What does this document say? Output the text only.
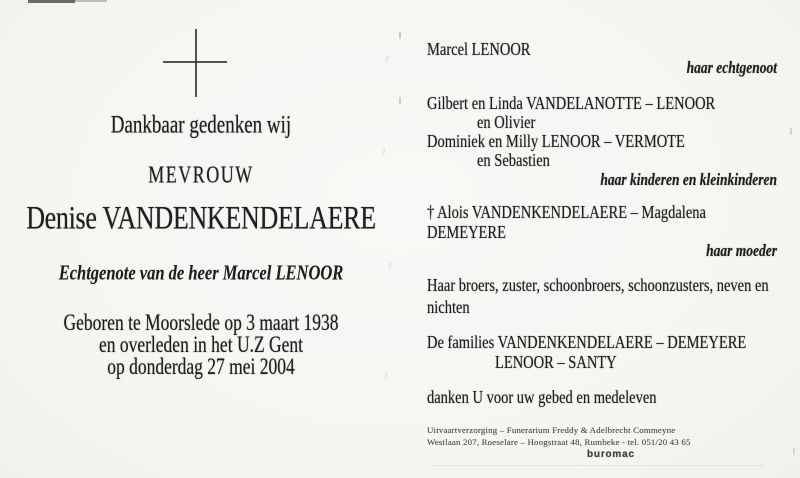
Dankbaar gedenken wij
MEVROUW
Denise VANDENKENDELAERE
Echtgenote van de heer Marcel LENOOR
Geboren te Moorslede op 3 maart 1938
en overleden in het U.Z Gent
op donderdag 27 mei 2004
Marcel LENOOR
haar echtgenoot
Gilbert en Linda VANDELANOTTE – LENOOR
en Olivier
Dominiek en Milly LENOOR – VERMOTE
en Sebastien
haar kinderen en kleinkinderen
† Alois VANDENKENDELAERE – Magdalena
DEMEYERE
haar moeder
Haar broers, zuster, schoonbroers, schoonzusters, neven en
nichten
De families VANDENKENDELAERE – DEMEYERE
LENOOR – SANTY
danken U voor uw gebed en medeleven
Uitvaartverzorging – Funerarium Freddy & Adelbrecht Commeyne
Westlaan 207, Roeselare – Hoogstraat 48, Rumbeke - tel. 051/20 43 65
buromac
